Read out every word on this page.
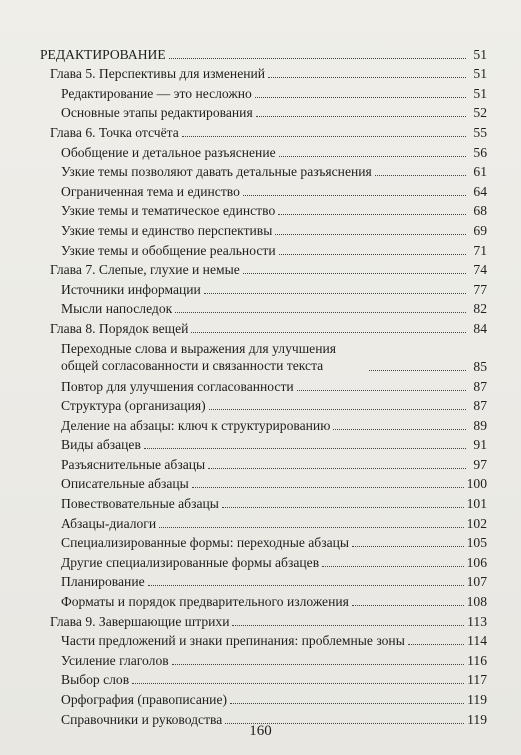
РЕДАКТИРОВАНИЕ	51
Глава 5. Перспективы для изменений	51
Редактирование — это несложно	51
Основные этапы редактирования	52
Глава 6. Точка отсчёта	55
Обобщение и детальное разъяснение	56
Узкие темы позволяют давать детальные разъяснения	61
Ограниченная тема и единство	64
Узкие темы и тематическое единство	68
Узкие темы и единство перспективы	69
Узкие темы и обобщение реальности	71
Глава 7. Слепые, глухие и немые	74
Источники информации	77
Мысли напоследок	82
Глава 8. Порядок вещей	84
Переходные слова и выражения для улучшения общей согласованности и связанности текста	85
Повтор для улучшения согласованности	87
Структура (организация)	87
Деление на абзацы: ключ к структурированию	89
Виды абзацев	91
Разъяснительные абзацы	97
Описательные абзацы	100
Повествовательные абзацы	101
Абзацы-диалоги	102
Специализированные формы: переходные абзацы	105
Другие специализированные формы абзацев	106
Планирование	107
Форматы и порядок предварительного изложения	108
Глава 9. Завершающие штрихи	113
Части предложений и знаки препинания: проблемные зоны	114
Усиление глаголов	116
Выбор слов	117
Орфография (правописание)	119
Справочники и руководства	119
160
